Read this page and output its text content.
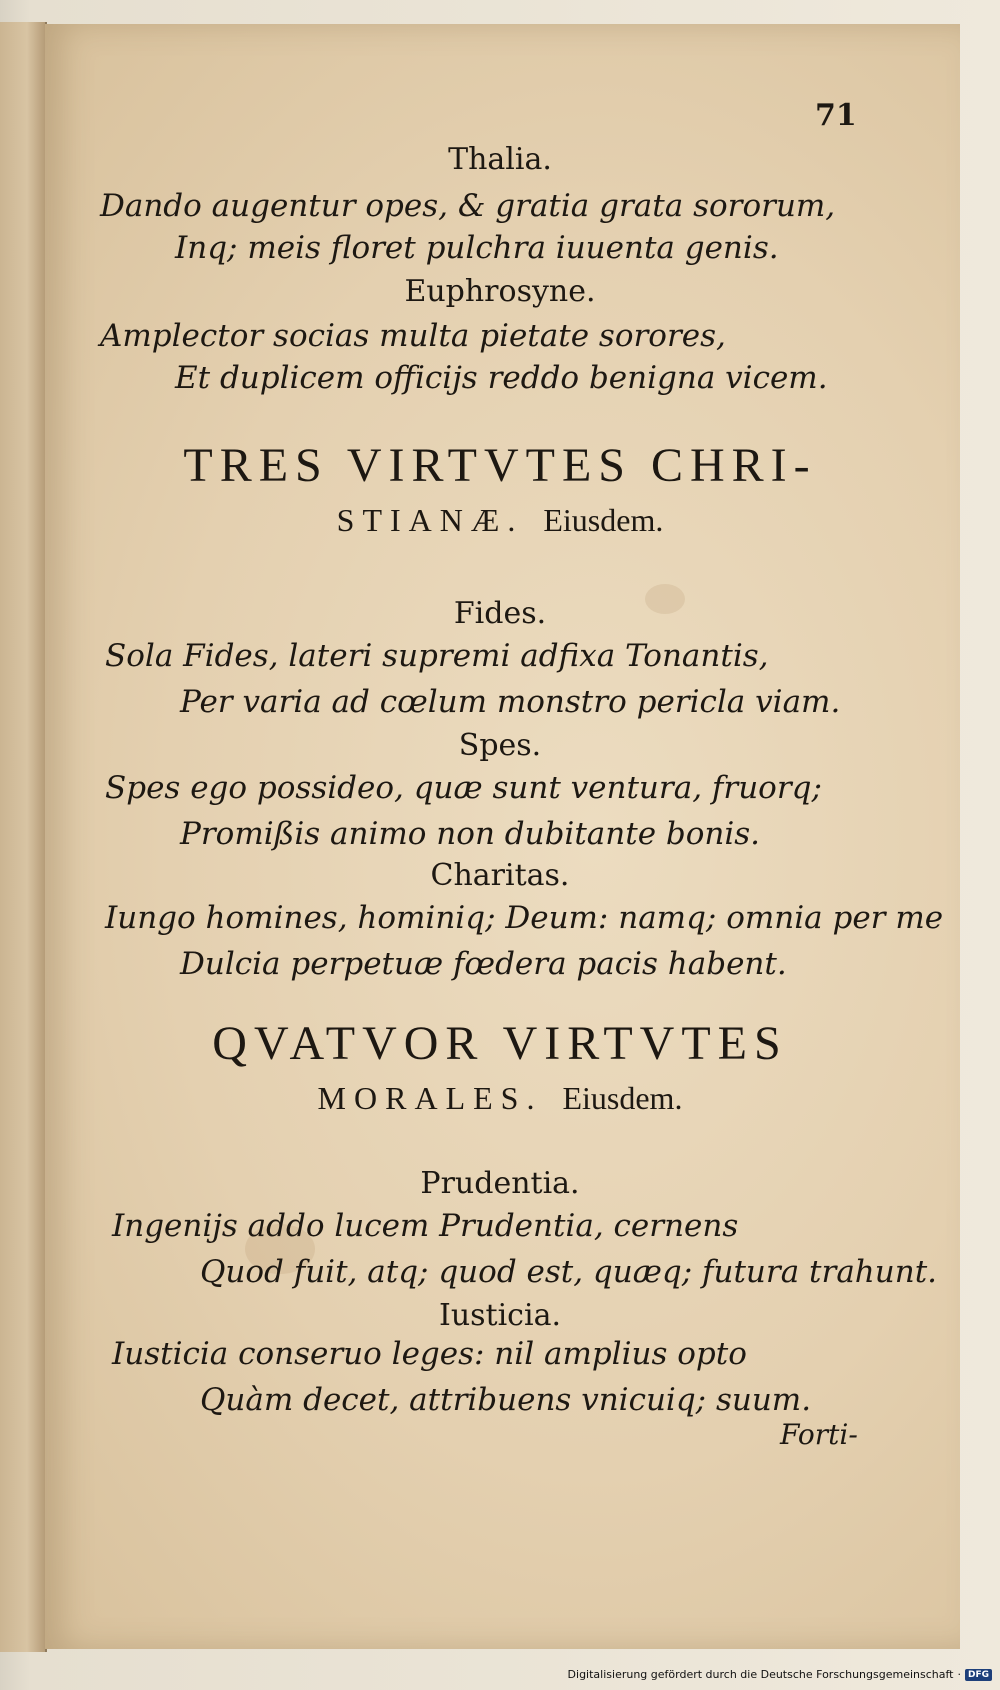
71
Thalia.
Dando augentur opes, & gratia grata sororum,
Inq; meis floret pulchra iuuenta genis.
Euphrosyne.
Amplector socias multa pietate sorores,
Et duplicem officijs reddo benigna vicem.
TRES VIRTVTES CHRI-
STIANÆ. Eiusdem.
Fides.
Sola Fides, lateri supremi adfixa Tonantis,
Per varia ad cœlum monstro pericla viam.
Spes.
Spes ego possideo, quæ sunt ventura, fruorq;
Promißis animo non dubitante bonis.
Charitas.
Iungo homines, hominiq; Deum: namq; omnia per me
Dulcia perpetuæ fœdera pacis habent.
QVATVOR VIRTVTES
MORALES. Eiusdem.
Prudentia.
Ingenijs addo lucem Prudentia, cernens
Quod fuit, atq; quod est, quæq; futura trahunt.
Iusticia.
Iusticia conseruo leges: nil amplius opto
Quàm decet, attribuens vnicuiq; suum.
Forti-
Digitalisierung gefördert durch die Deutsche Forschungsgemeinschaft · DFG
